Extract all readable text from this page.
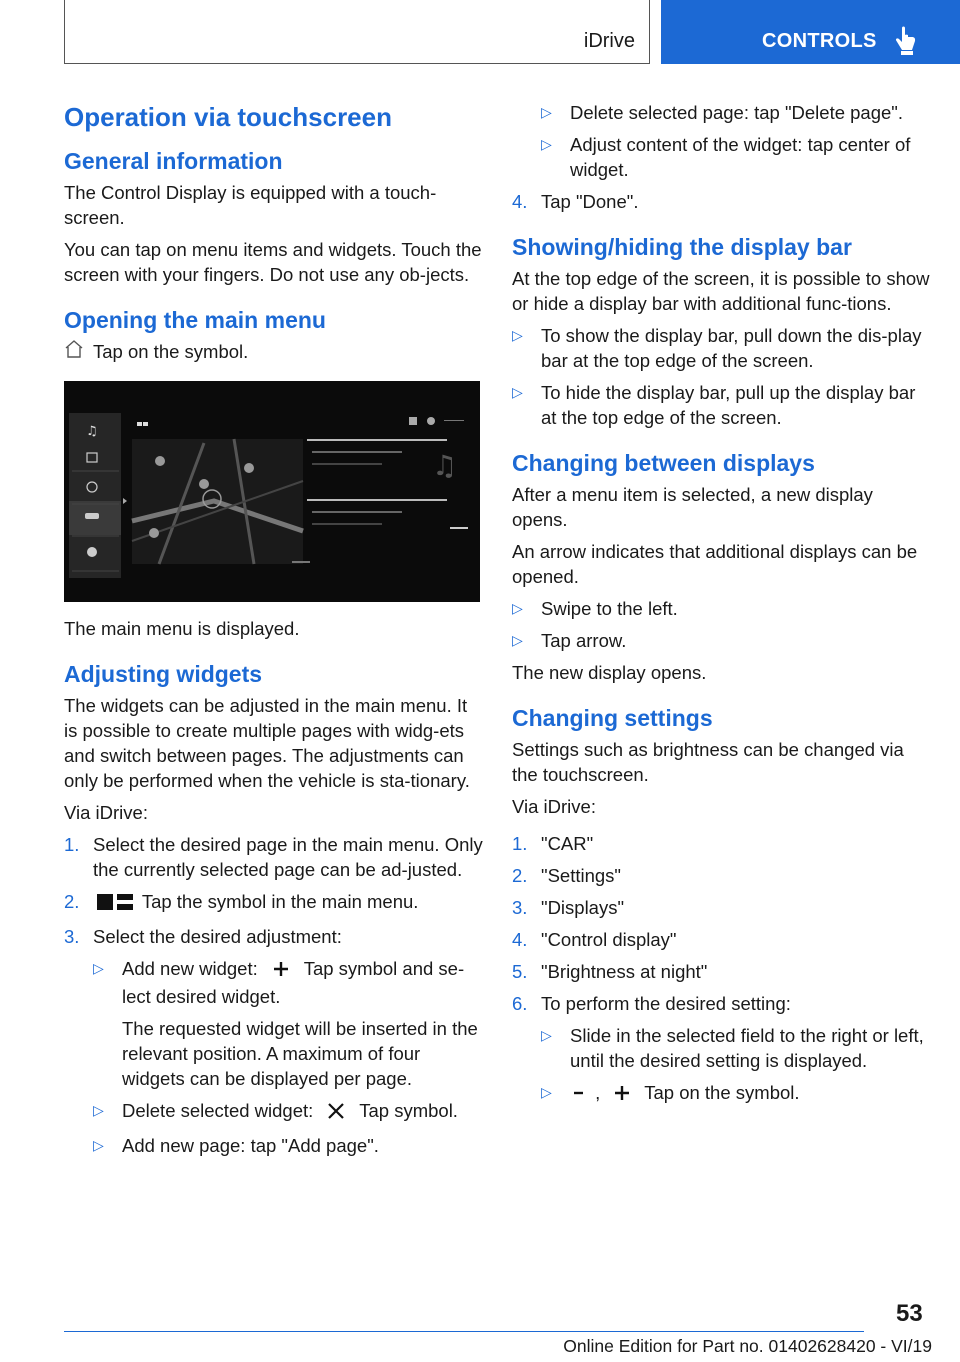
iDrive	CONTROLS
Operation via touchscreen
General information

The Control Display is equipped with a touch-screen.

You can tap on menu items and widgets. Touch the screen with your fingers. Do not use any ob-jects.

Opening the main menu
Tap on the symbol.
♫
♫

The main menu is displayed.

Adjusting widgets

The widgets can be adjusted in the main menu. It is possible to create multiple pages with widg-ets and switch between pages. The adjustments can only be performed when the vehicle is sta-tionary.

Via iDrive:

1. Select the desired page in the main menu. Only the currently selected page can be ad-justed.
2.	Tap the symbol in the main menu.
3. Select the desired adjustment:
▷ Add new widget: Tap symbol and se-lect desired widget.

The requested widget will be inserted in the relevant position. A maximum of four widgets can be displayed per page.

▷ Delete selected widget: Tap symbol.
▷ Add new page: tap "Add page".
▷ Delete selected page: tap "Delete page".
▷ Adjust content of the widget: tap center of widget.
4. Tap "Done".
Showing/hiding the display bar

At the top edge of the screen, it is possible to show or hide a display bar with additional func-tions.

▷ To show the display bar, pull down the dis-play bar at the top edge of the screen.
▷ To hide the display bar, pull up the display bar at the top edge of the screen.
Changing between displays

After a menu item is selected, a new display opens.

An arrow indicates that additional displays can be opened.

▷ Swipe to the left.
▷ Tap arrow.

The new display opens.

Changing settings

Settings such as brightness can be changed via the touchscreen.

Via iDrive:

1. "CAR"
2. "Settings"
3. "Displays"
4. "Control display"
5. "Brightness at night"
6. To perform the desired setting:
▷ Slide in the selected field to the right or left, until the desired setting is displayed.
▷	, Tap on the symbol.
53
Online Edition for Part no. 01402628420 - VI/19
